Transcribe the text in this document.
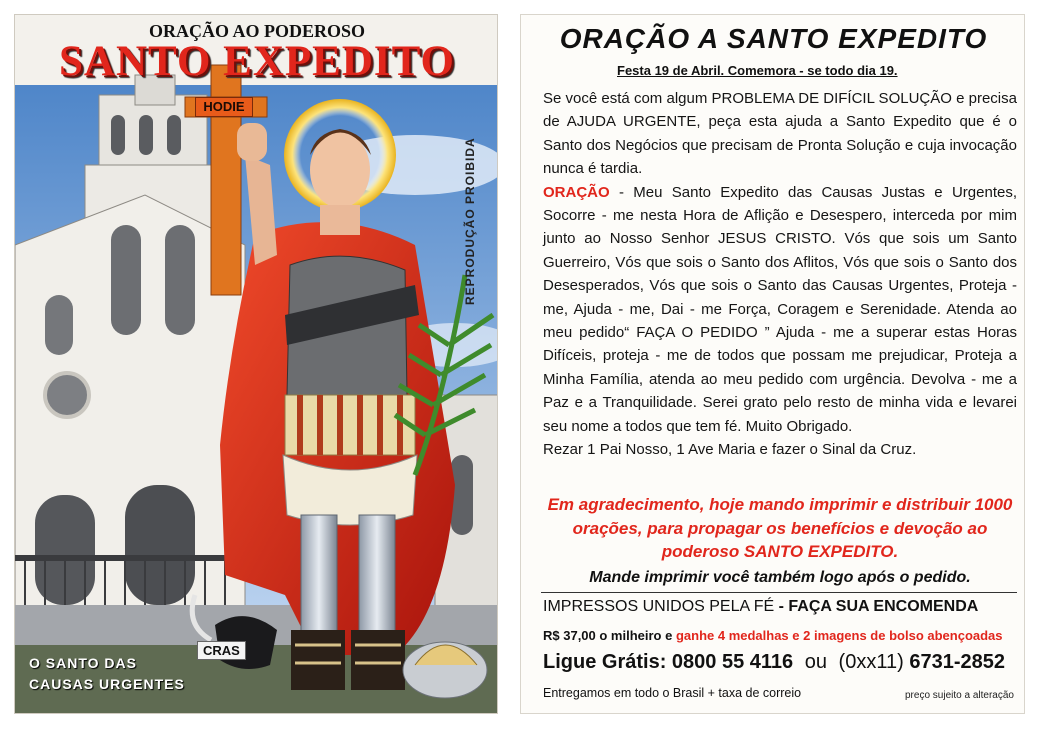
ORAÇÃO AO PODEROSO
SANTO EXPEDITO
HODIE
REPRODUÇÃO PROIBIDA
CRAS
O SANTO DAS
CAUSAS URGENTES
ORAÇÃO A SANTO EXPEDITO
Festa 19 de Abril. Comemora - se todo dia 19.
Se você está com algum PROBLEMA DE DIFÍCIL SOLUÇÃO e precisa de AJUDA URGENTE, peça esta ajuda a Santo Expedito que é o Santo dos Negócios que precisam de Pronta Solução e cuja invocação nunca é tardia.
ORAÇÃO - Meu Santo Expedito das Causas Justas e Urgentes, Socorre - me nesta Hora de Aflição e Desespero, interceda por mim junto ao Nosso Senhor JESUS CRISTO. Vós que sois um Santo Guerreiro, Vós que sois o Santo dos Aflitos, Vós que sois o Santo dos Desesperados, Vós que sois o Santo das Causas Urgentes, Proteja - me, Ajuda - me, Dai - me Força, Coragem e Serenidade. Atenda ao meu pedido“ FAÇA O PEDIDO ” Ajuda - me a superar estas Horas Difíceis, proteja - me de todos que possam me prejudicar, Proteja a Minha Família, atenda ao meu pedido com urgência. Devolva - me a Paz e a Tranquilidade. Serei grato pelo resto de minha vida e levarei seu nome a todos que tem fé. Muito Obrigado.
Rezar 1 Pai Nosso, 1 Ave Maria e fazer o Sinal da Cruz.
Em agradecimento, hoje mando imprimir e distribuir 1000 orações, para propagar os benefícios e devoção ao poderoso SANTO EXPEDITO.
Mande imprimir você também logo após o pedido.
IMPRESSOS UNIDOS PELA FÉ - FAÇA SUA ENCOMENDA
R$ 37,00 o milheiro e ganhe 4 medalhas e 2 imagens de bolso abençoadas
Ligue Grátis: 0800 55 4116 ou (0xx11) 6731-2852
Entregamos em todo o Brasil + taxa de correio	preço sujeito a alteração
